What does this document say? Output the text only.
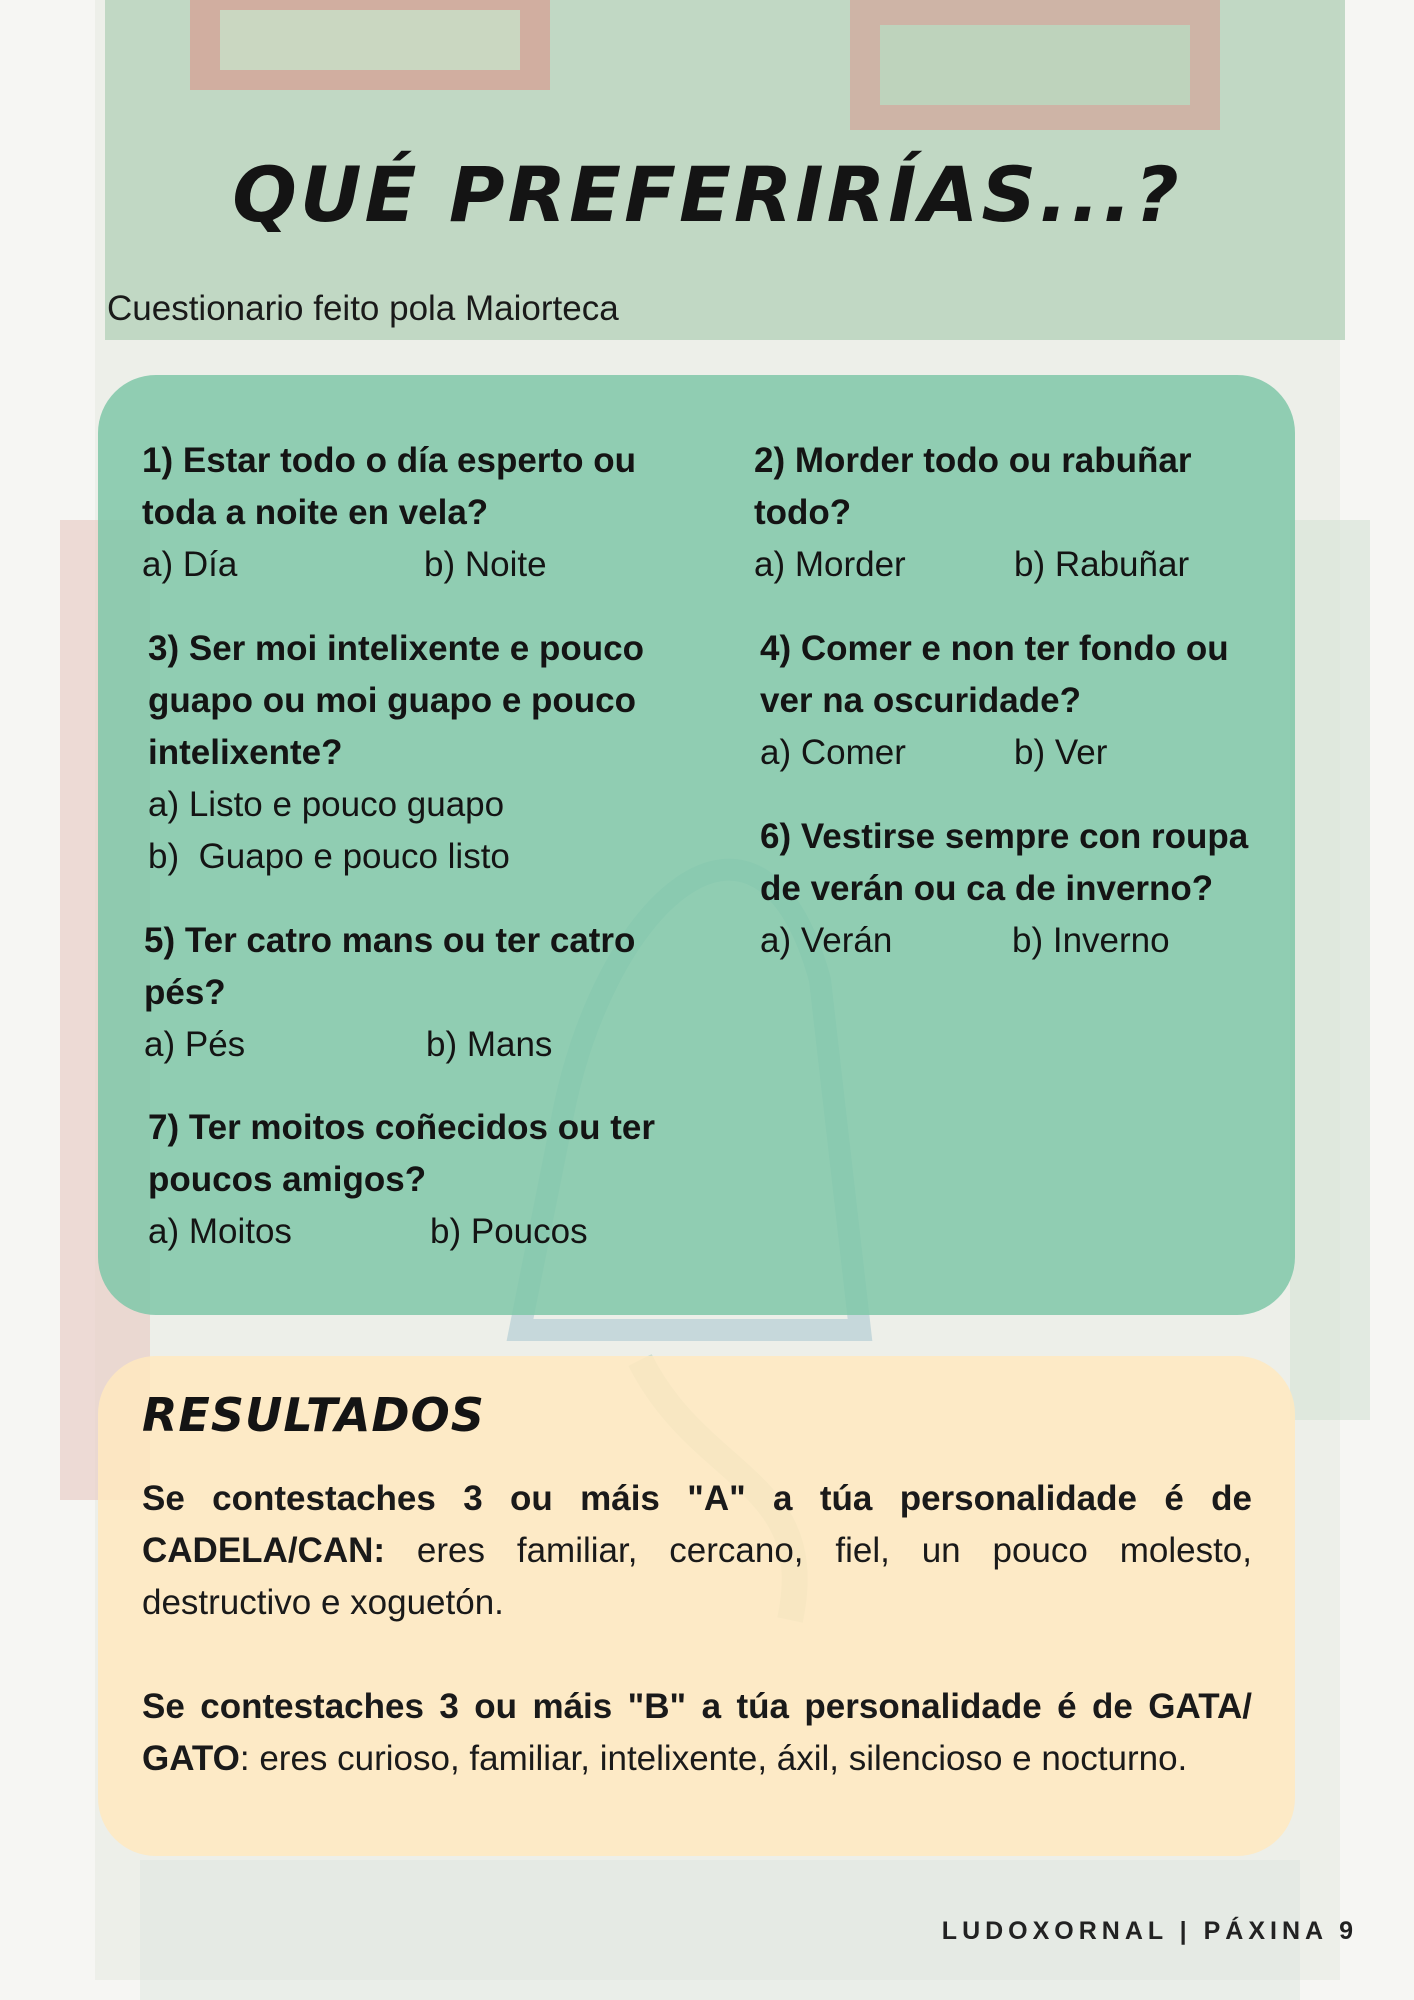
QUÉ PREFERIRÍAS...?
Cuestionario feito pola Maiorteca

1) Estar todo o día esperto ou toda a noite en vela?

a) Día	b) Noite

2) Morder todo ou rabuñar todo?

a) Morder	b) Rabuñar

3) Ser moi intelixente e pouco guapo ou moi guapo e pouco intelixente?

a) Listo e pouco guapo

b)  Guapo e pouco listo

4) Comer e non ter fondo ou ver na oscuridade?

a) Comer	b) Ver

5) Ter catro mans ou ter catro pés?

a) Pés	b) Mans

6) Vestirse sempre con roupa de verán ou ca de inverno?

a) Verán	b) Inverno

7) Ter moitos coñecidos ou ter poucos amigos?

a) Moitos	b) Poucos

RESULTADOS

Se contestaches 3 ou máis "A" a túa personalidade é de CADELA/CAN: eres familiar, cercano, fiel, un pouco molesto, destructivo e xoguetón.

Se contestaches 3 ou máis "B" a túa personalidade é de GATA/ GATO: eres curioso, familiar, intelixente, áxil, silencioso e nocturno.

LUDOXORNAL | PÁXINA 9
